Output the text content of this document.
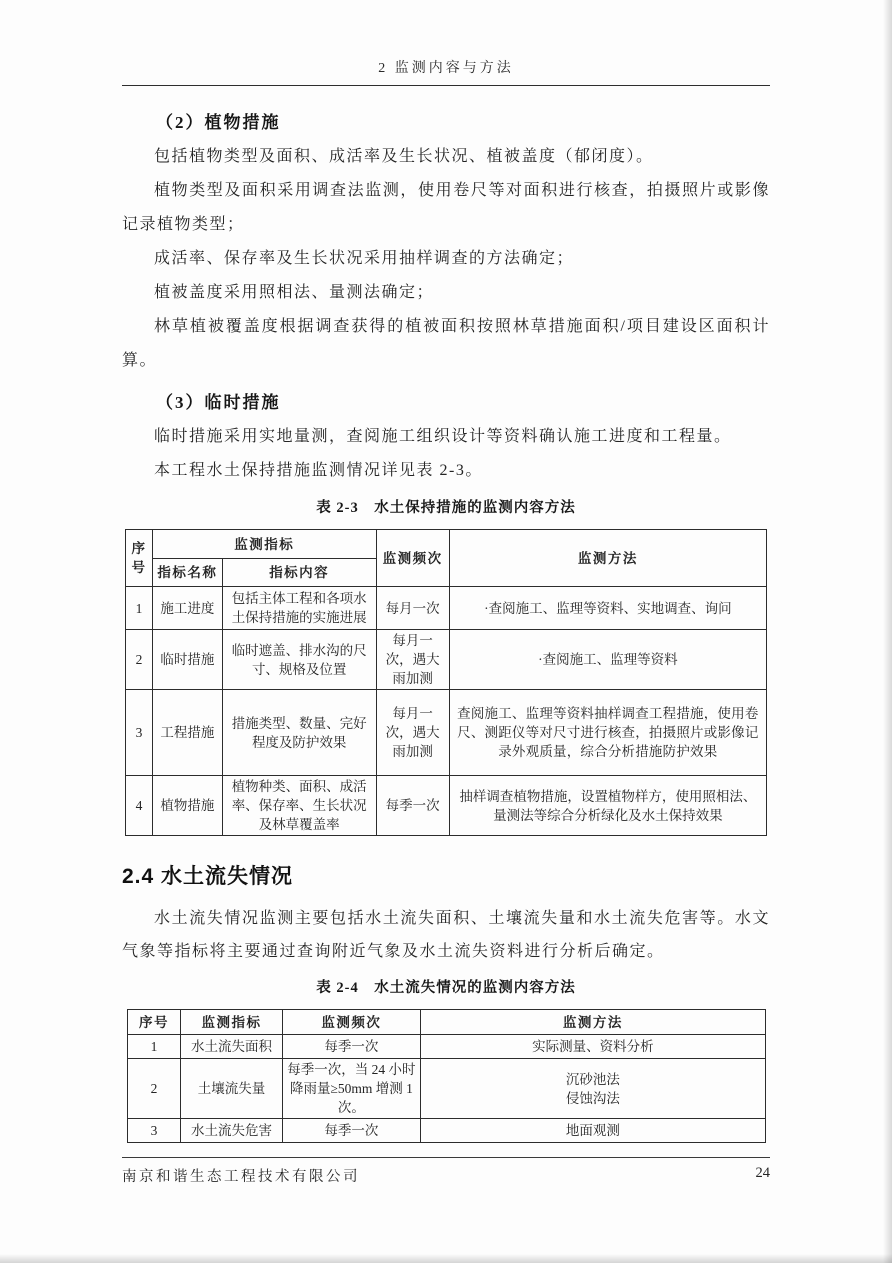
2 监测内容与方法
（2）植物措施

包括植物类型及面积、成活率及生长状况、植被盖度（郁闭度）。

植物类型及面积采用调查法监测，使用卷尺等对面积进行核查，拍摄照片或影像记录植物类型；

成活率、保存率及生长状况采用抽样调查的方法确定；

植被盖度采用照相法、量测法确定；

林草植被覆盖度根据调查获得的植被面积按照林草措施面积/项目建设区面积计算。

（3）临时措施

临时措施采用实地量测，查阅施工组织设计等资料确认施工进度和工程量。

本工程水土保持措施监测情况详见表 2-3。

表 2-3　水土保持措施的监测内容方法
序号	监测指标		监测频次	监测方法
	指标名称	指标内容		
1	施工进度	包括主体工程和各项水土保持措施的实施进展	每月一次	·查阅施工、监理等资料、实地调查、询问
2	临时措施	临时遮盖、排水沟的尺寸、规格及位置	每月一次，遇大雨加测	·查阅施工、监理等资料
3	工程措施	措施类型、数量、完好程度及防护效果	每月一次，遇大雨加测	查阅施工、监理等资料抽样调查工程措施，使用卷尺、测距仪等对尺寸进行核查，拍摄照片或影像记录外观质量，综合分析措施防护效果
4	植物措施	植物种类、面积、成活率、保存率、生长状况及林草覆盖率	每季一次	抽样调查植物措施，设置植物样方，使用照相法、量测法等综合分析绿化及水土保持效果
2.4 水土流失情况

水土流失情况监测主要包括水土流失面积、土壤流失量和水土流失危害等。水文气象等指标将主要通过查询附近气象及水土流失资料进行分析后确定。

表 2-4　水土流失情况的监测内容方法
序号	监测指标	监测频次	监测方法
1	水土流失面积	每季一次	实际测量、资料分析
2	土壤流失量	每季一次，当 24 小时降雨量≥50mm 增测 1 次。	沉砂池法
侵蚀沟法

3	水土流失危害	每季一次	地面观测
南京和谐生态工程技术有限公司	24
